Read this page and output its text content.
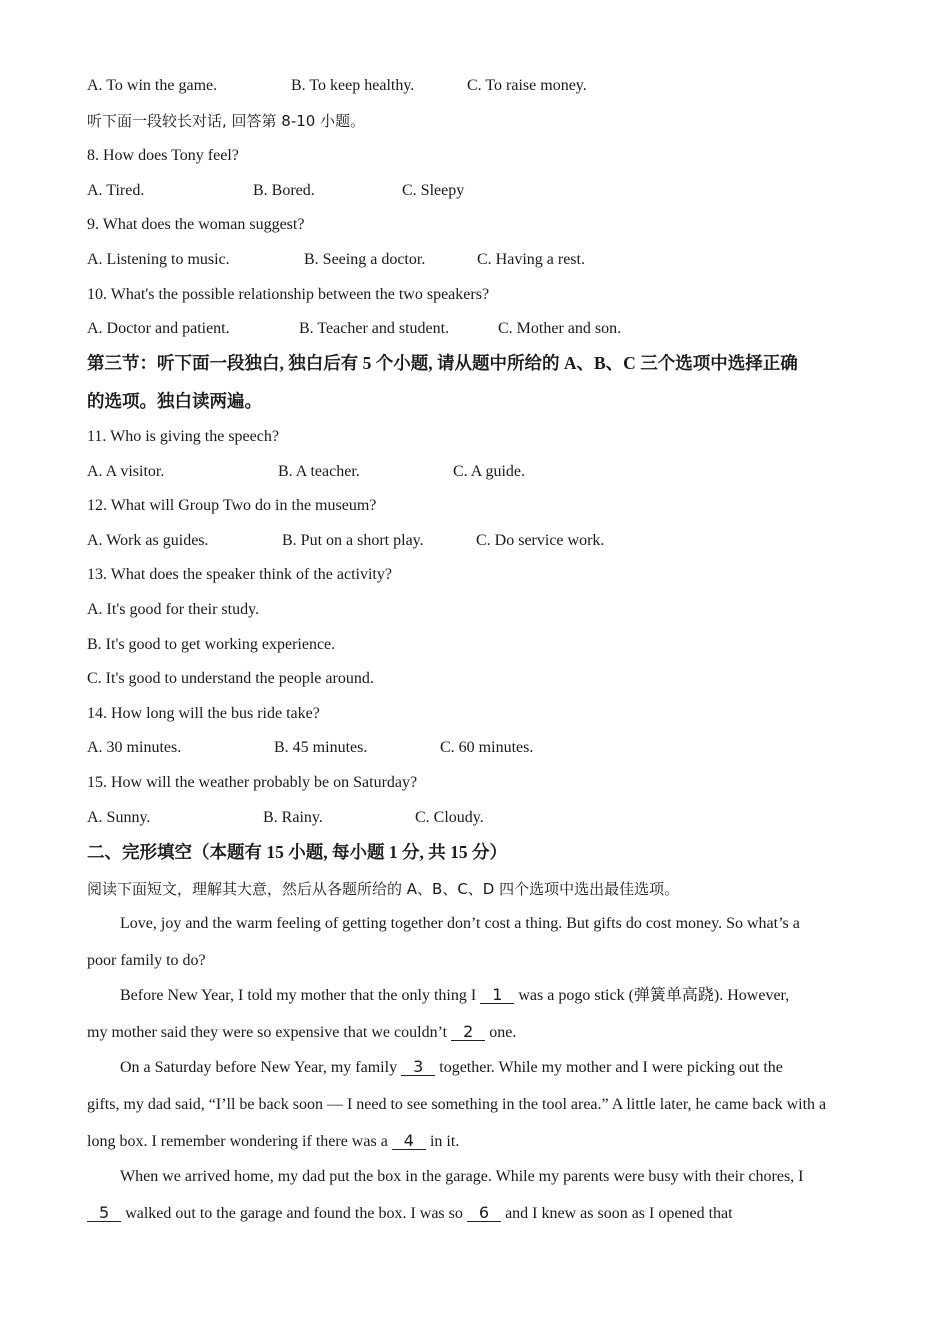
A. To win the game.	B. To keep healthy.	C. To raise money.
听下面一段较长对话, 回答第 8-10 小题。
8. How does Tony feel?
A. Tired.	B. Bored.	C. Sleepy
9. What does the woman suggest?
A. Listening to music.	B. Seeing a doctor.	C. Having a rest.
10. What's the possible relationship between the two speakers?
A. Doctor and patient.	B. Teacher and student.	C. Mother and son.
第三节：听下面一段独白, 独白后有 5 个小题, 请从题中所给的 A、B、C 三个选项中选择正确
的选项。独白读两遍。
11. Who is giving the speech?
A. A visitor.	B. A teacher.	C. A guide.
12. What will Group Two do in the museum?
A. Work as guides.	B. Put on a short play.	C. Do service work.
13. What does the speaker think of the activity?
A. It's good for their study.
B. It's good to get working experience.
C. It's good to understand the people around.
14. How long will the bus ride take?
A. 30 minutes.	B. 45 minutes.	C. 60 minutes.
15. How will the weather probably be on Saturday?
A. Sunny.	B. Rainy.	C. Cloudy.
二、完形填空（本题有 15 小题, 每小题 1 分, 共 15 分）
阅读下面短文，理解其大意，然后从各题所给的 A、B、C、D 四个选项中选出最佳选项。
Love, joy and the warm feeling of getting together don’t cost a thing. But gifts do cost money. So what’s a
poor family to do?
Before New Year, I told my mother that the only thing I 1 was a pogo stick (弹簧单高跷). However,
my mother said they were so expensive that we couldn’t 2 one.
On a Saturday before New Year, my family 3 together. While my mother and I were picking out the
gifts, my dad said, “I’ll be back soon — I need to see something in the tool area.” A little later, he came back with a
long box. I remember wondering if there was a 4 in it.
When we arrived home, my dad put the box in the garage. While my parents were busy with their chores, I
5 walked out to the garage and found the box. I was so 6 and I knew as soon as I opened that
